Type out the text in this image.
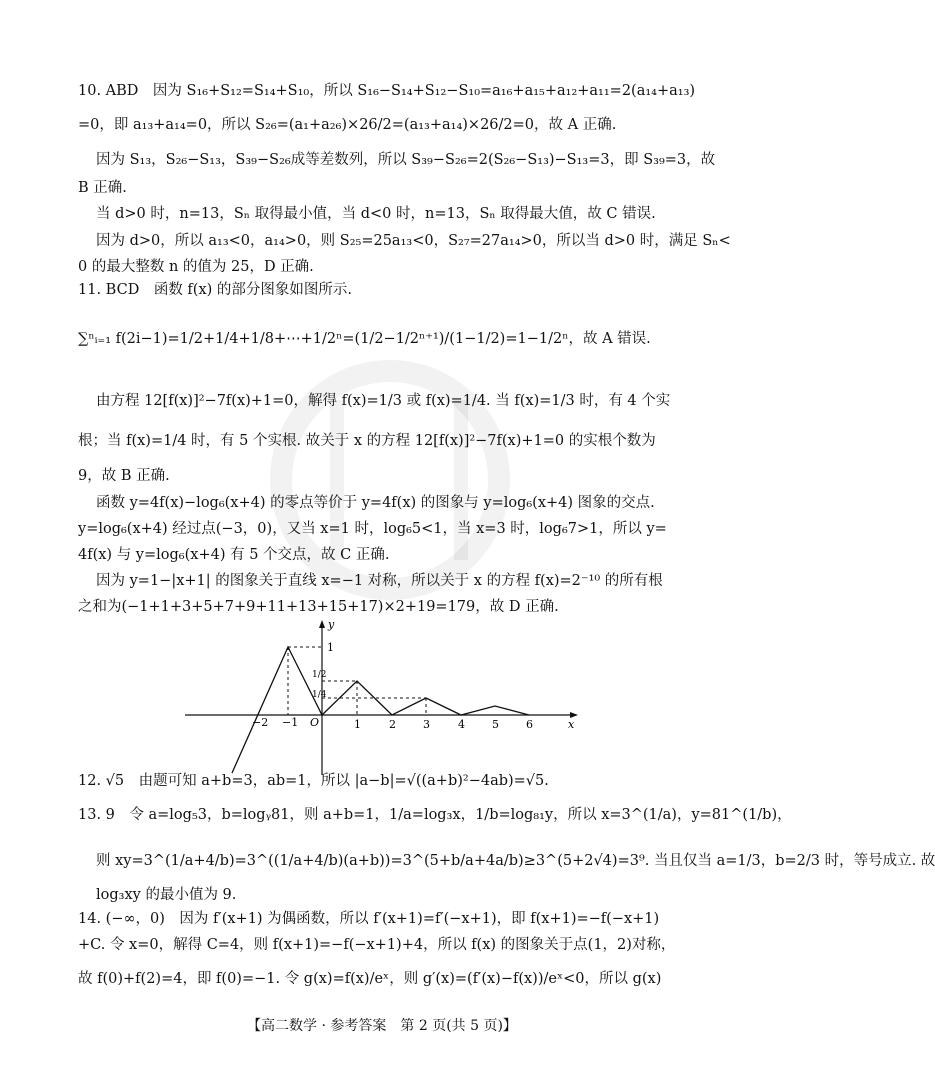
10. ABD　因为 S₁₆+S₁₂=S₁₄+S₁₀，所以 S₁₆−S₁₄+S₁₂−S₁₀=a₁₆+a₁₅+a₁₂+a₁₁=2(a₁₄+a₁₃)
=0，即 a₁₃+a₁₄=0，所以 S₂₆=(a₁+a₂₆)×26/2=(a₁₃+a₁₄)×26/2=0，故 A 正确.
因为 S₁₃，S₂₆−S₁₃，S₃₉−S₂₆成等差数列，所以 S₃₉−S₂₆=2(S₂₆−S₁₃)−S₁₃=3，即 S₃₉=3，故
B 正确.
当 d>0 时，n=13，Sₙ 取得最小值，当 d<0 时，n=13，Sₙ 取得最大值，故 C 错误.
因为 d>0，所以 a₁₃<0，a₁₄>0，则 S₂₅=25a₁₃<0，S₂₇=27a₁₄>0，所以当 d>0 时，满足 Sₙ<
0 的最大整数 n 的值为 25，D 正确.
11. BCD　函数 f(x) 的部分图象如图所示.
∑ⁿᵢ₌₁ f(2i−1)=1/2+1/4+1/8+⋯+1/2ⁿ=(1/2−1/2ⁿ⁺¹)/(1−1/2)=1−1/2ⁿ，故 A 错误.
由方程 12[f(x)]²−7f(x)+1=0，解得 f(x)=1/3 或 f(x)=1/4. 当 f(x)=1/3 时，有 4 个实
根；当 f(x)=1/4 时，有 5 个实根. 故关于 x 的方程 12[f(x)]²−7f(x)+1=0 的实根个数为
9，故 B 正确.
函数 y=4f(x)−log₆(x+4) 的零点等价于 y=4f(x) 的图象与 y=log₆(x+4) 图象的交点.
y=log₆(x+4) 经过点(−3，0)，又当 x=1 时，log₆5<1，当 x=3 时，log₆7>1，所以 y=
4f(x) 与 y=log₆(x+4) 有 5 个交点，故 C 正确.
因为 y=1−|x+1| 的图象关于直线 x=−1 对称，所以关于 x 的方程 f(x)=2⁻¹⁰ 的所有根
之和为(−1+1+3+5+7+9+11+13+15+17)×2+19=179，故 D 正确.
12. √5　由题可知 a+b=3，ab=1，所以 |a−b|=√((a+b)²−4ab)=√5.
13. 9　令 a=log₅3，b=logᵧ81，则 a+b=1，1/a=log₃x，1/b=log₈₁y，所以 x=3^(1/a)，y=81^(1/b)，
则 xy=3^(1/a+4/b)=3^((1/a+4/b)(a+b))=3^(5+b/a+4a/b)≥3^(5+2√4)=3⁹. 当且仅当 a=1/3，b=2/3 时，等号成立. 故
log₃xy 的最小值为 9.
14. (−∞，0)　因为 f′(x+1) 为偶函数，所以 f′(x+1)=f′(−x+1)，即 f(x+1)=−f(−x+1)
+C. 令 x=0，解得 C=4，则 f(x+1)=−f(−x+1)+4，所以 f(x) 的图象关于点(1，2)对称，
故 f(0)+f(2)=4，即 f(0)=−1. 令 g(x)=f(x)/eˣ，则 g′(x)=(f′(x)−f(x))/eˣ<0，所以 g(x)
−2 −1	1	2 3	4 5 6
1
1/2
1/4
O	x
y
【高二数学 · 参考答案　第 2 页(共 5 页)】
